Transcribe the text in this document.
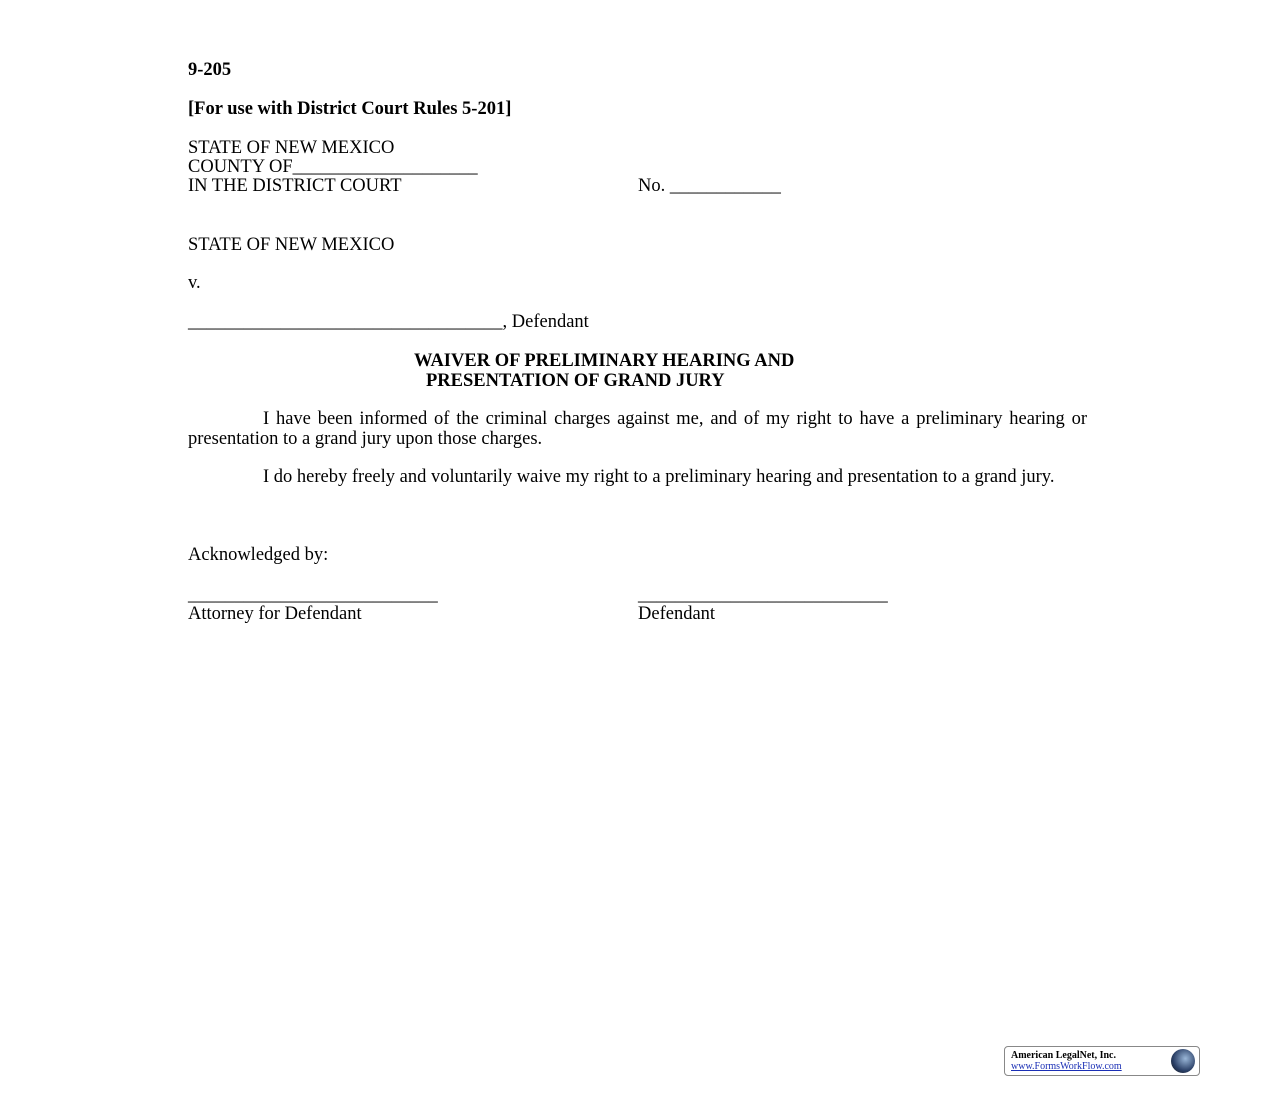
9-205
[For use with District Court Rules 5-201]
STATE OF NEW MEXICO
COUNTY OF____________________
IN THE DISTRICT COURT	No. ____________
STATE OF NEW MEXICO
v.
__________________________________, Defendant
WAIVER OF PRELIMINARY HEARING AND
PRESENTATION OF GRAND JURY
I have been informed of the criminal charges against me, and of my right to have a preliminary hearing or presentation to a grand jury upon those charges.
I do hereby freely and voluntarily waive my right to a preliminary hearing and presentation to a grand jury.
Acknowledged by:
___________________________	___________________________
Attorney for Defendant	Defendant
American LegalNet, Inc.
www.FormsWorkFlow.com
